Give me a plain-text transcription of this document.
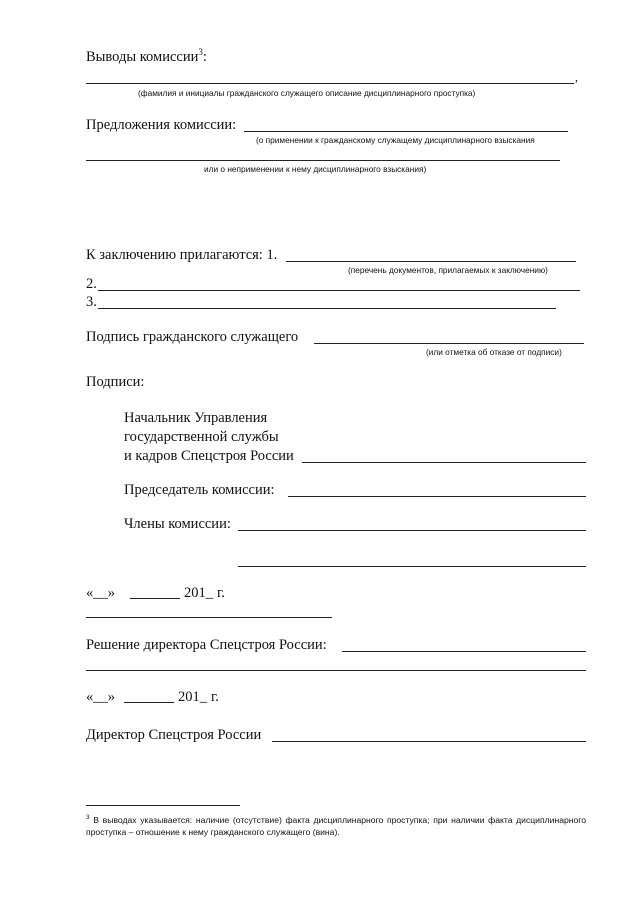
Выводы комиссии$^3$:
,
(фамилия и инициалы гражданского служащего описание дисциплинарного проступка)
Предложения комиссии:
(о применении к гражданскому служащему дисциплинарного взыскания
или о неприменении к нему дисциплинарного взыскания)
К заключению прилагаются: 1.
(перечень документов, прилагаемых к заключению)
2.
3.
Подпись гражданского служащего
(или отметка об отказе от подписи)
Подписи:
Начальник Управления
государственной службы
и кадров Спецстроя России
Председатель комиссии:
Члены комиссии:
«__»	201_ г.
Решение директора Спецстроя России:
«__»	201_ г.
Директор Спецстроя России
$^3$ В выводах указывается: наличие (отсутствие) факта дисциплинарного проступка; при наличии факта дисциплинарного проступка – отношение к нему гражданского служащего (вина).
